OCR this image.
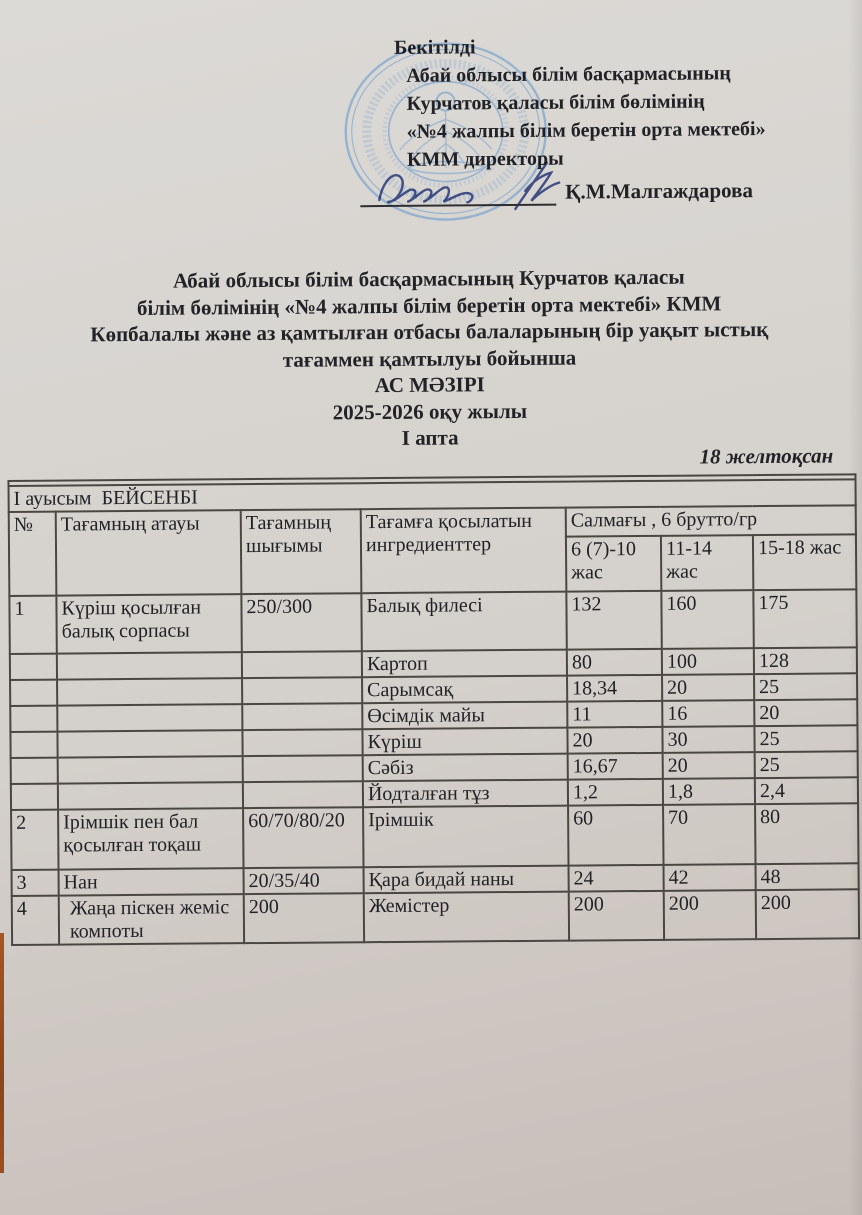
Бекітілді
Абай облысы білім басқармасының
Курчатов қаласы білім бөлімінің
«№4 жалпы білім беретін орта мектебі»
КММ директоры
Қ.М.Малгаждарова
Абай облысы білім басқармасының Курчатов қаласы
білім бөлімінің «№4 жалпы білім беретін орта мектебі» КММ
Көпбалалы және аз қамтылған отбасы балаларының бір уақыт ыстық
тағаммен қамтылуы бойынша
АС МӘЗІРІ
2025-2026 оқу жылы
І апта
18 желтоқсан

І ауысым  БЕЙСЕНБІ						
№	Тағамның атауы	Тағамның шығымы	Тағамға қосылатын ингредиенттер	Салмағы , 6 брутто/гр		
				6 (7)-10 жас	11-14 жас	15-18 жас
1	Күріш қосылған балық сорпасы	250/300	Балық филесі	132	160	175
			Картоп	80	100	128
			Сарымсақ	18,34	20	25
			Өсімдік майы	11	16	20
			Күріш	20	30	25
			Сәбіз	16,67	20	25
			Йодталған тұз	1,2	1,8	2,4
2	Ірімшік пен бал қосылған тоқаш	60/70/80/20	Ірімшік	60	70	80
3	Нан	20/35/40	Қара бидай наны	24	42	48
4	Жаңа піскен жеміс компоты	200	Жемістер	200	200	200
